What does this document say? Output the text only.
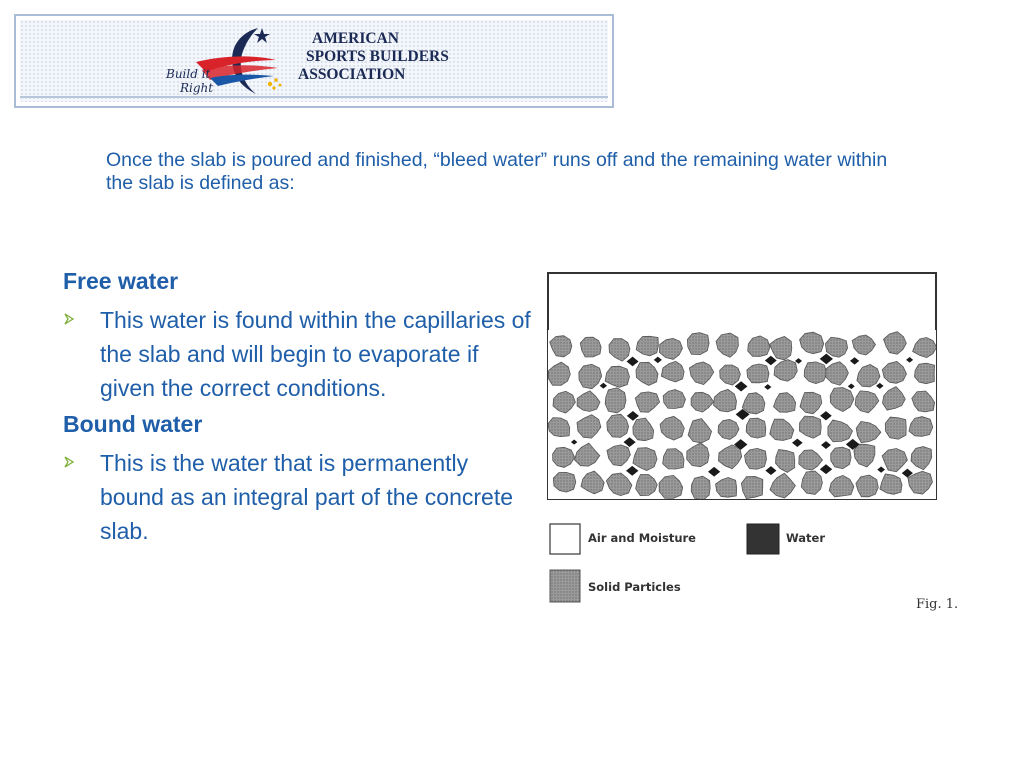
Build it
Right
AMERICAN
SPORTS BUILDERS
ASSOCIATION

Once the slab is poured and finished, “bleed water” runs off and the remaining water within the slab is defined as:

Free water

This water is found within the capillaries of the slab and will begin to evaporate if given the correct conditions.

Bound water

This is the water that is permanently bound as an integral part of the concrete slab.	Air and Moisture	Water
Solid Particles
Fig. 1.
